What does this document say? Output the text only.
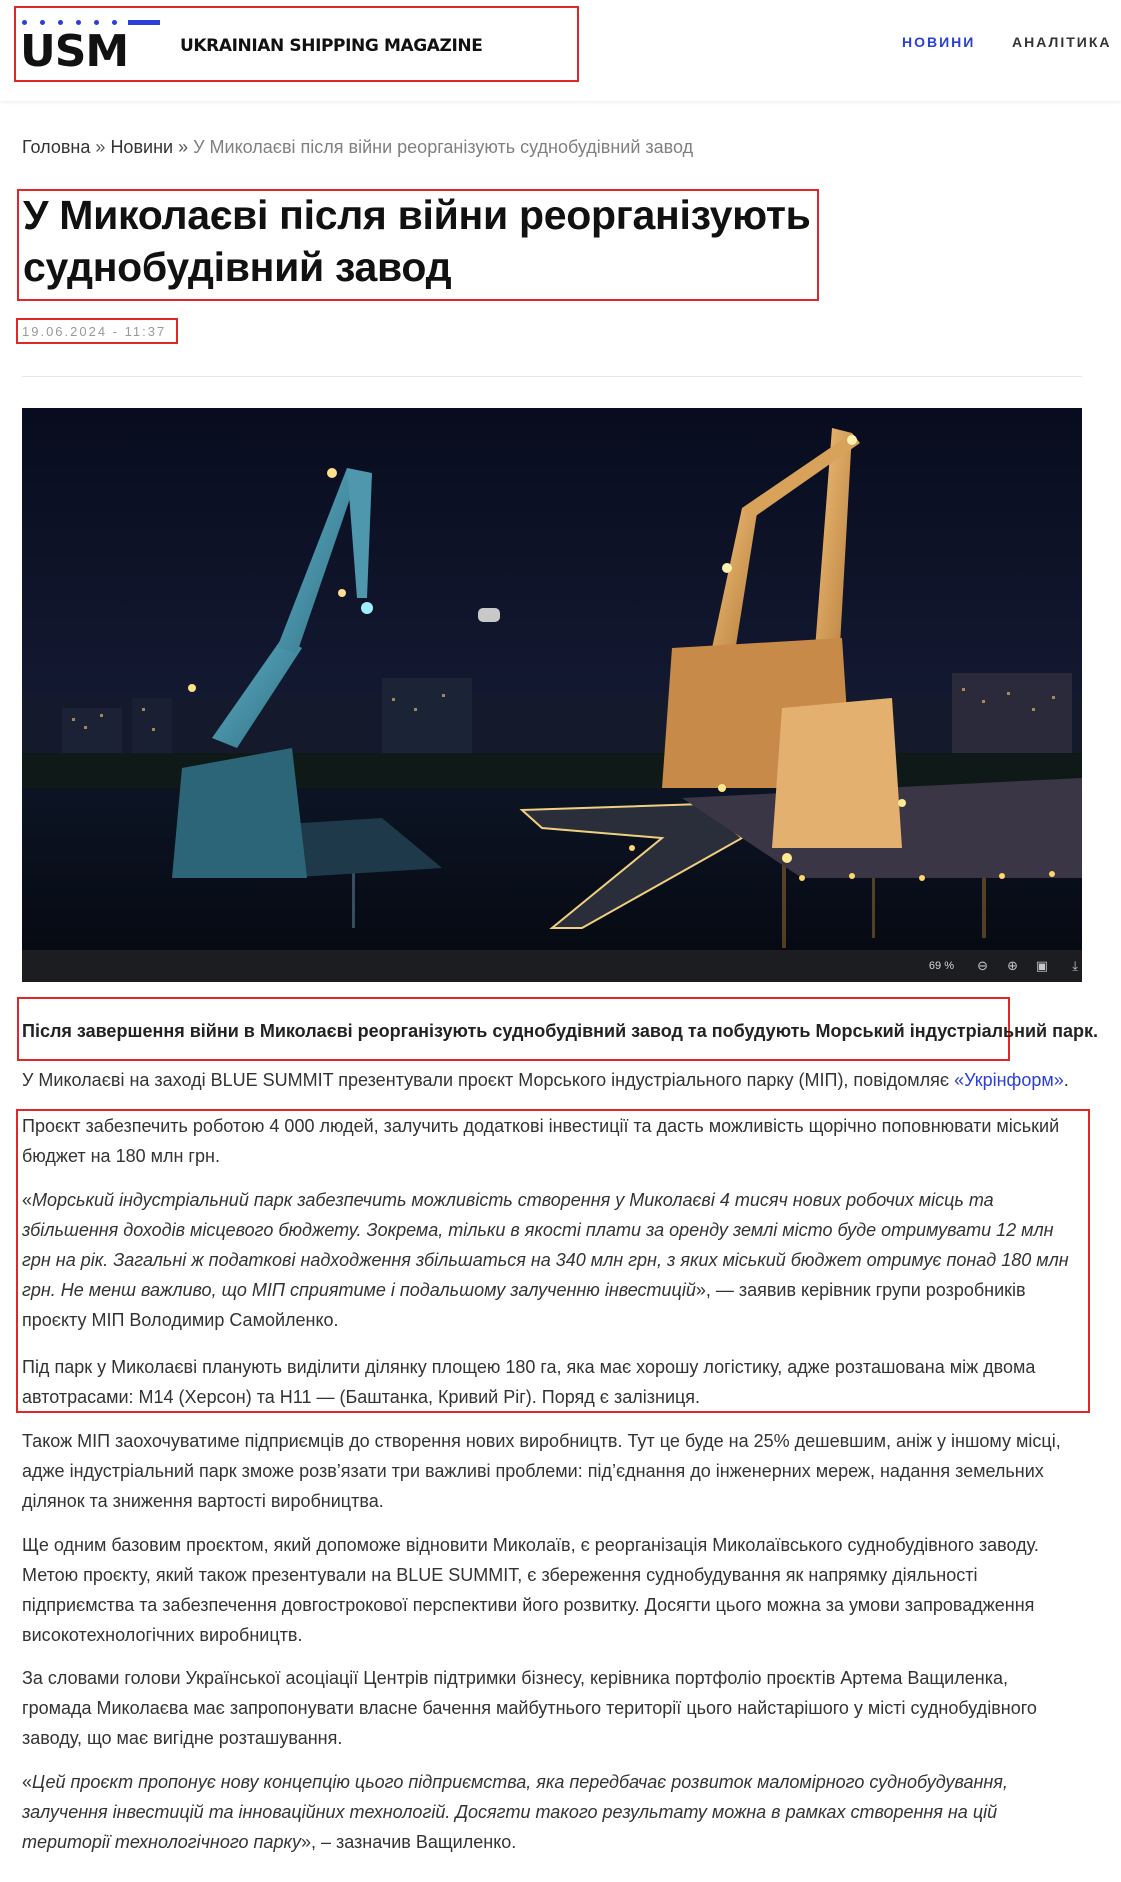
USM	UKRAINIAN SHIPPING MAGAZINE	НОВИНИ	АНАЛІТИКА
Головна » Новини » У Миколаєві після війни реорганізують суднобудівний завод
У Миколаєві після війни реорганізують суднобудівний завод
19.06.2024 - 11:37
69 % ⊖ ⊕ ▣ ⤓

Після завершення війни в Миколаєві реорганізують суднобудівний завод та побудують Морський індустріальний парк.

У Миколаєві на заході BLUE SUMMIT презентували проєкт Морського індустріального парку (МІП), повідомляє «Укрінформ».

Проєкт забезпечить роботою 4 000 людей, залучить додаткові інвестиції та дасть можливість щорічно поповнювати міський бюджет на 180 млн грн.

«Морський індустріальний парк забезпечить можливість створення у Миколаєві 4 тисяч нових робочих місць та збільшення доходів місцевого бюджету. Зокрема, тільки в якості плати за оренду землі місто буде отримувати 12 млн грн на рік. Загальні ж податкові надходження збільшаться на 340 млн грн, з яких міський бюджет отримує понад 180 млн грн. Не менш важливо, що МІП сприятиме і подальшому залученню інвестицій», — заявив керівник групи розробників проєкту МІП Володимир Самойленко.

Під парк у Миколаєві планують виділити ділянку площею 180 га, яка має хорошу логістику, адже розташована між двома автотрасами: М14 (Херсон) та Н11 — (Баштанка, Кривий Ріг). Поряд є залізниця.

Також МІП заохочуватиме підприємців до створення нових виробництв. Тут це буде на 25% дешевшим, аніж у іншому місці, адже індустріальний парк зможе розв’язати три важливі проблеми: під’єднання до інженерних мереж, надання земельних ділянок та зниження вартості виробництва.

Ще одним базовим проєктом, який допоможе відновити Миколаїв, є реорганізація Миколаївського суднобудівного заводу. Метою проєкту, який також презентували на BLUE SUMMIT, є збереження суднобудування як напрямку діяльності підприємства та забезпечення довгострокової перспективи його розвитку. Досягти цього можна за умови запровадження високотехнологічних виробництв.

За словами голови Української асоціації Центрів підтримки бізнесу, керівника портфоліо проєктів Артема Ващиленка, громада Миколаєва має запропонувати власне бачення майбутнього території цього найстарішого у місті суднобудівного заводу, що має вигідне розташування.

«Цей проєкт пропонує нову концепцію цього підприємства, яка передбачає розвиток маломірного суднобудування, залучення інвестицій та інноваційних технологій. Досягти такого результату можна в рамках створення на цій території технологічного парку», – зазначив Ващиленко.
